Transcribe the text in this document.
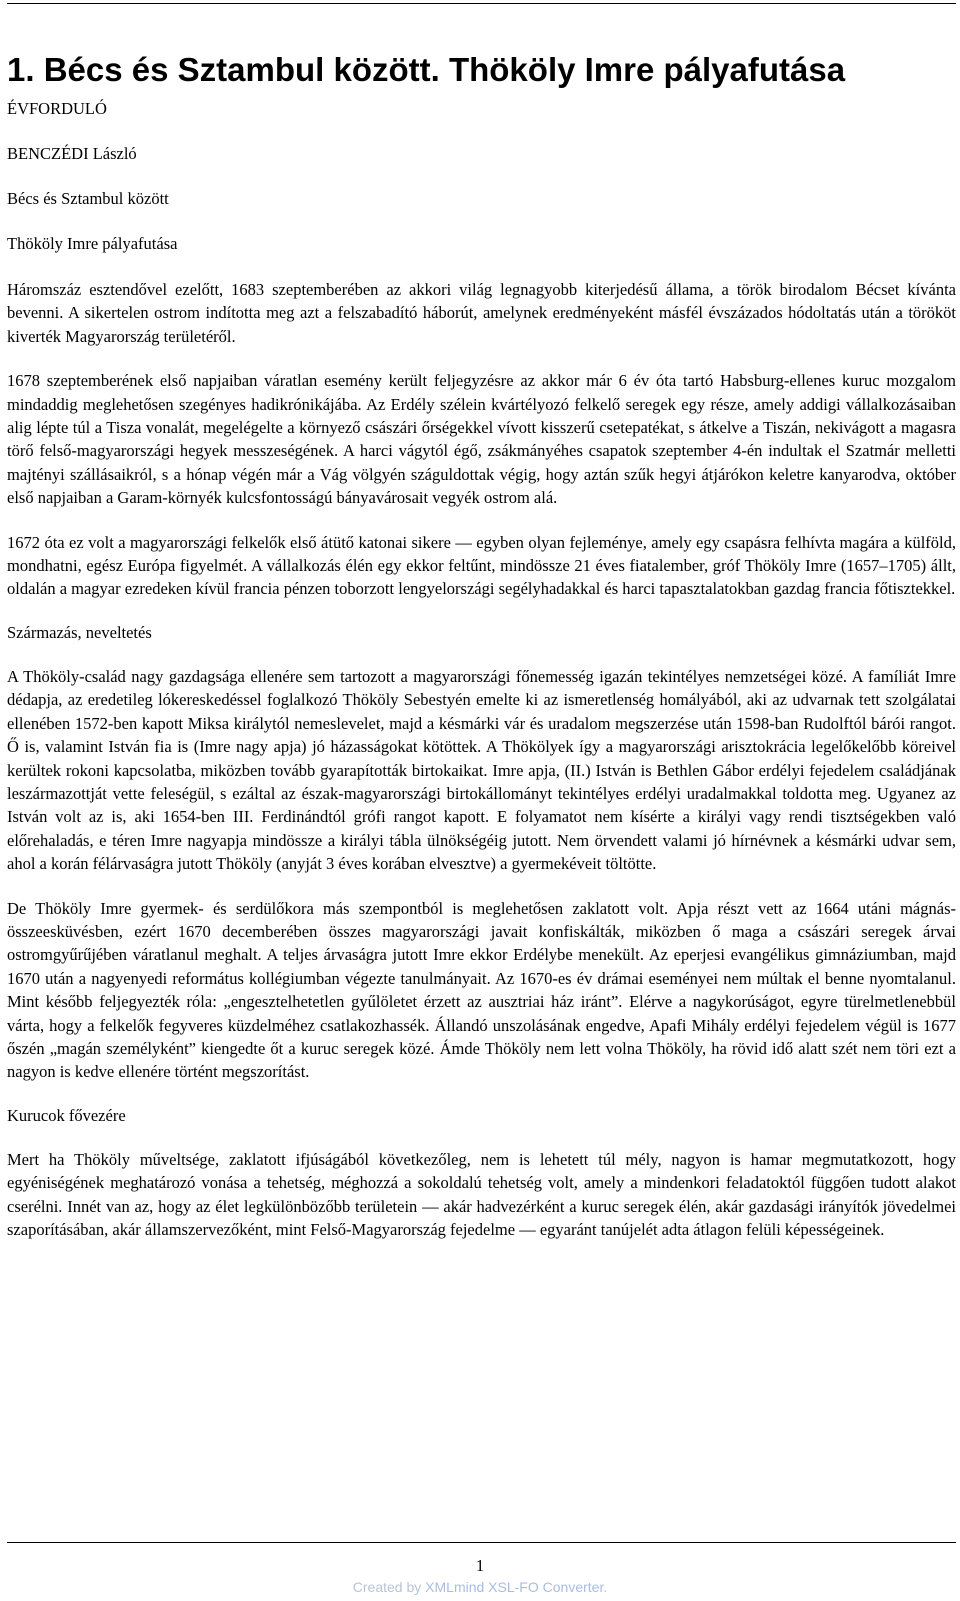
1. Bécs és Sztambul között. Thököly Imre pályafutása
ÉVFORDULÓ
BENCZÉDI László
Bécs és Sztambul között
Thököly Imre pályafutása

Háromszáz esztendővel ezelőtt, 1683 szeptemberében az akkori világ legnagyobb kiterjedésű állama, a török birodalom Bécset kívánta bevenni. A sikertelen ostrom indította meg azt a felszabadító háborút, amelynek eredményeként másfél évszázados hódoltatás után a törököt kiverték Magyarország területéről.

1678 szeptemberének első napjaiban váratlan esemény került feljegyzésre az akkor már 6 év óta tartó Habsburg-ellenes kuruc mozgalom mindaddig meglehetősen szegényes hadikrónikájába. Az Erdély szélein kvártélyozó felkelő seregek egy része, amely addigi vállalkozásaiban alig lépte túl a Tisza vonalát, megelégelte a környező császári őrségekkel vívott kisszerű csetepatékat, s átkelve a Tiszán, nekivágott a magasra törő felső-magyarországi hegyek messzeségének. A harci vágytól égő, zsákmányéhes csapatok szeptember 4-én indultak el Szatmár melletti majtényi szállásaikról, s a hónap végén már a Vág völgyén száguldottak végig, hogy aztán szűk hegyi átjárókon keletre kanyarodva, október első napjaiban a Garam-környék kulcsfontosságú bányavárosait vegyék ostrom alá.

1672 óta ez volt a magyarországi felkelők első átütő katonai sikere — egyben olyan fejleménye, amely egy csapásra felhívta magára a külföld, mondhatni, egész Európa figyelmét. A vállalkozás élén egy ekkor feltűnt, mindössze 21 éves fiatalember, gróf Thököly Imre (1657–1705) állt, oldalán a magyar ezredeken kívül francia pénzen toborzott lengyelországi segélyhadakkal és harci tapasztalatokban gazdag francia főtisztekkel.

Származás, neveltetés

A Thököly-család nagy gazdagsága ellenére sem tartozott a magyarországi főnemesség igazán tekintélyes nemzetségei közé. A famíliát Imre dédapja, az eredetileg lókereskedéssel foglalkozó Thököly Sebestyén emelte ki az ismeretlenség homályából, aki az udvarnak tett szolgálatai ellenében 1572-ben kapott Miksa királytól nemeslevelet, majd a késmárki vár és uradalom megszerzése után 1598-ban Rudolftól bárói rangot. Ő is, valamint István fia is (Imre nagy apja) jó házasságokat kötöttek. A Thökölyek így a magyarországi arisztokrácia legelőkelőbb köreivel kerültek rokoni kapcsolatba, miközben tovább gyarapították birtokaikat. Imre apja, (II.) István is Bethlen Gábor erdélyi fejedelem családjának leszármazottját vette feleségül, s ezáltal az észak-magyarországi birtokállományt tekintélyes erdélyi uradalmakkal toldotta meg. Ugyanez az István volt az is, aki 1654-ben III. Ferdinándtól grófi rangot kapott. E folyamatot nem kísérte a királyi vagy rendi tisztségekben való előrehaladás, e téren Imre nagyapja mindössze a királyi tábla ülnökségéig jutott. Nem örvendett valami jó hírnévnek a késmárki udvar sem, ahol a korán félárvaságra jutott Thököly (anyját 3 éves korában elvesztve) a gyermekéveit töltötte.

De Thököly Imre gyermek- és serdülőkora más szempontból is meglehetősen zaklatott volt. Apja részt vett az 1664 utáni mágnás-összeesküvésben, ezért 1670 decemberében összes magyarországi javait konfiskálták, miközben ő maga a császári seregek árvai ostromgyűrűjében váratlanul meghalt. A teljes árvaságra jutott Imre ekkor Erdélybe menekült. Az eperjesi evangélikus gimnáziumban, majd 1670 után a nagyenyedi református kollégiumban végezte tanulmányait. Az 1670-es év drámai eseményei nem múltak el benne nyomtalanul. Mint később feljegyezték róla: „engesztelhetetlen gyűlöletet érzett az ausztriai ház iránt”. Elérve a nagykorúságot, egyre türelmetlenebbül várta, hogy a felkelők fegyveres küzdelméhez csatlakozhassék. Állandó unszolásának engedve, Apafi Mihály erdélyi fejedelem végül is 1677 őszén „magán személyként” kiengedte őt a kuruc seregek közé. Ámde Thököly nem lett volna Thököly, ha rövid idő alatt szét nem töri ezt a nagyon is kedve ellenére történt megszorítást.

Kurucok fővezére

Mert ha Thököly műveltsége, zaklatott ifjúságából következőleg, nem is lehetett túl mély, nagyon is hamar megmutatkozott, hogy egyéniségének meghatározó vonása a tehetség, méghozzá a sokoldalú tehetség volt, amely a mindenkori feladatoktól függően tudott alakot cserélni. Innét van az, hogy az élet legkülönbözőbb területein — akár hadvezérként a kuruc seregek élén, akár gazdasági irányítók jövedelmei szaporításában, akár államszervezőként, mint Felső-Magyarország fejedelme — egyaránt tanújelét adta átlagon felüli képességeinek.

1
Created by XMLmind XSL-FO Converter.
